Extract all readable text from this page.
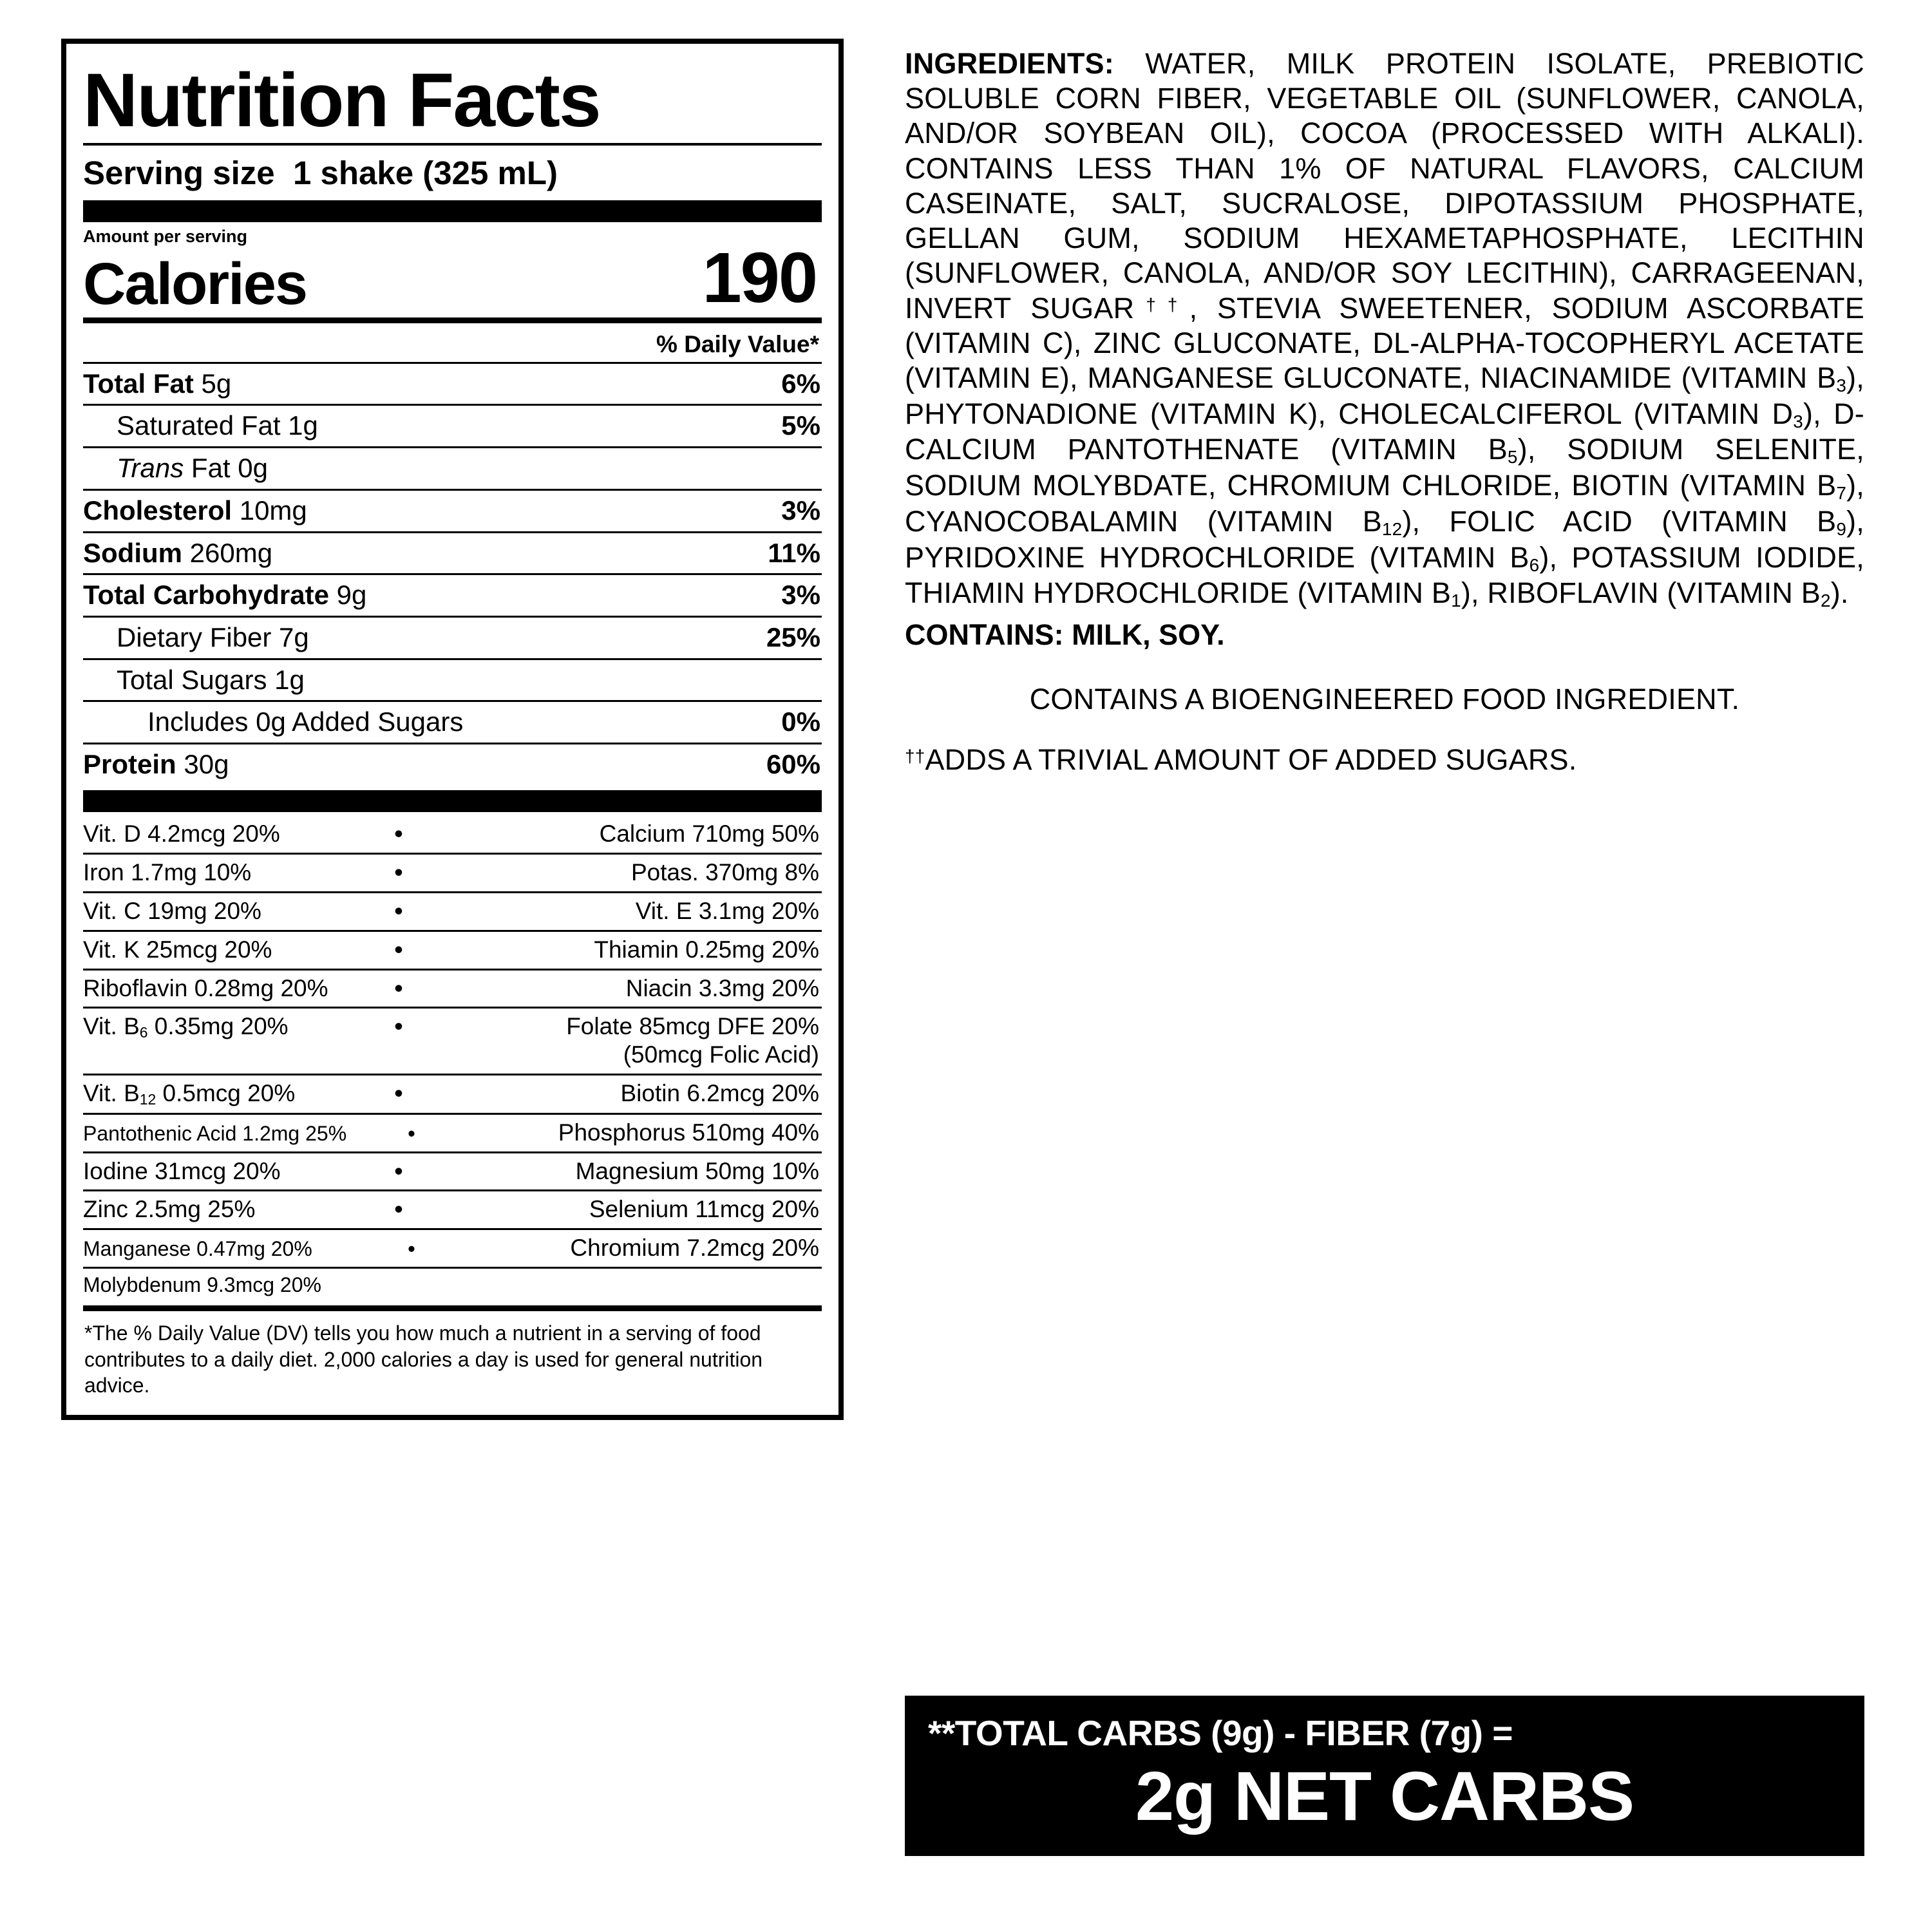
Nutrition Facts
Serving size 1 shake (325 mL)
Amount per serving
Calories	190
% Daily Value*
Total Fat 5g	6%
Saturated Fat 1g	5%
Trans Fat 0g
Cholesterol 10mg	3%
Sodium 260mg	11%
Total Carbohydrate 9g	3%
Dietary Fiber 7g	25%
Total Sugars 1g
Includes 0g Added Sugars	0%
Protein 30g	60%
Vit. D 4.2mcg 20%	•	Calcium 710mg 50%
Iron 1.7mg 10%	•	Potas. 370mg 8%
Vit. C 19mg 20%	•	Vit. E 3.1mg 20%
Vit. K 25mcg 20%	•	Thiamin 0.25mg 20%
Riboflavin 0.28mg 20%	•	Niacin 3.3mg 20%
Vit. $B_6$ 0.35mg 20%	•	Folate 85mcg DFE 20%
(50mcg Folic Acid)
Vit. $B_{12}$ 0.5mcg 20%	•	Biotin 6.2mcg 20%
Pantothenic Acid 1.2mg 25%	•	Phosphorus 510mg 40%
Iodine 31mcg 20%	•	Magnesium 50mg 10%
Zinc 2.5mg 25%	•	Selenium 11mcg 20%
Manganese 0.47mg 20%	•	Chromium 7.2mcg 20%
Molybdenum 9.3mcg 20%
*The % Daily Value (DV) tells you how much a nutrient in a serving of food contributes to a daily diet. 2,000 calories a day is used for general nutrition advice.
INGREDIENTS: WATER, MILK PROTEIN ISOLATE, PREBIOTIC SOLUBLE CORN FIBER, VEGETABLE OIL (SUNFLOWER, CANOLA, AND/OR SOYBEAN OIL), COCOA (PROCESSED WITH ALKALI). CONTAINS LESS THAN 1% OF NATURAL FLAVORS, CALCIUM CASEINATE, SALT, SUCRALOSE, DIPOTASSIUM PHOSPHATE, GELLAN GUM, SODIUM HEXAMETAPHOSPHATE, LECITHIN (SUNFLOWER, CANOLA, AND/OR SOY LECITHIN), CARRAGEENAN, INVERT SUGAR††, STEVIA SWEETENER, SODIUM ASCORBATE (VITAMIN C), ZINC GLUCONATE, DL-ALPHA-TOCOPHERYL ACETATE (VITAMIN E), MANGANESE GLUCONATE, NIACINAMIDE (VITAMIN $B_3$), PHYTONADIONE (VITAMIN K), CHOLECALCIFEROL (VITAMIN $D_3$), D-CALCIUM PANTOTHENATE (VITAMIN $B_5$), SODIUM SELENITE, SODIUM MOLYBDATE, CHROMIUM CHLORIDE, BIOTIN (VITAMIN $B_7$), CYANOCOBALAMIN (VITAMIN $B_{12}$), FOLIC ACID (VITAMIN $B_9$), PYRIDOXINE HYDROCHLORIDE (VITAMIN $B_6$), POTASSIUM IODIDE, THIAMIN HYDROCHLORIDE (VITAMIN $B_1$), RIBOFLAVIN (VITAMIN $B_2$).
CONTAINS: MILK, SOY.
CONTAINS A BIOENGINEERED FOOD INGREDIENT.
††ADDS A TRIVIAL AMOUNT OF ADDED SUGARS.
**TOTAL CARBS (9g) - FIBER (7g) =
2g NET CARBS
